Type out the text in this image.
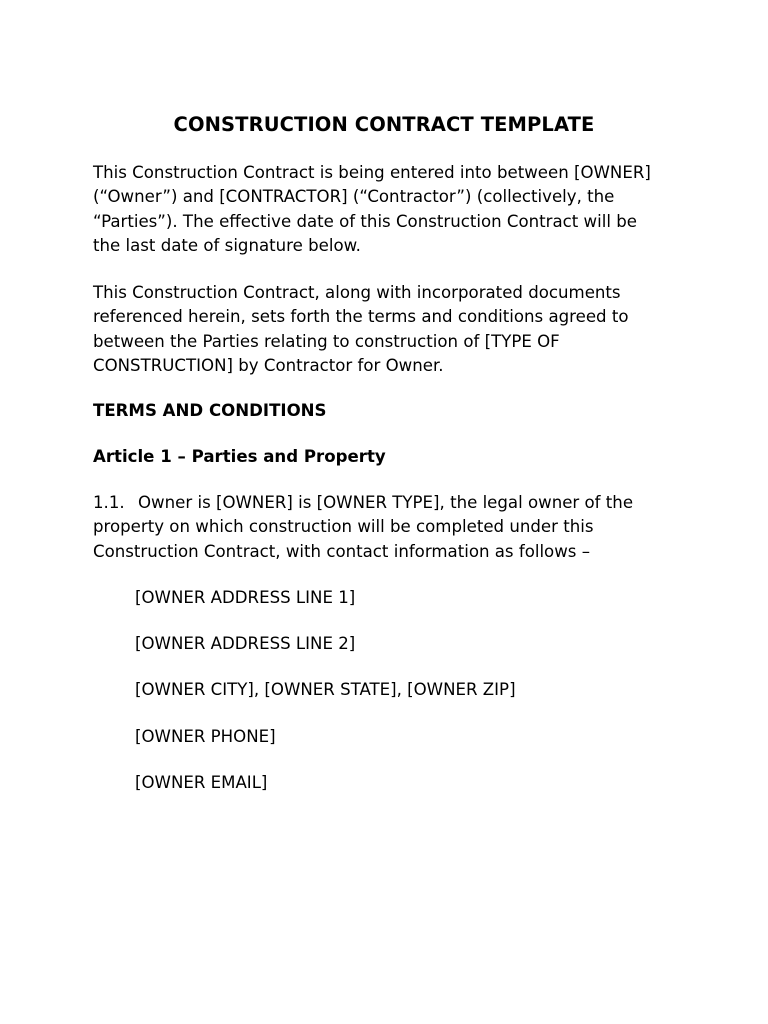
CONSTRUCTION CONTRACT TEMPLATE

This Construction Contract is being entered into between [OWNER]
(“Owner”) and [CONTRACTOR] (“Contractor”) (collectively, the
“Parties”). The effective date of this Construction Contract will be
the last date of signature below.

This Construction Contract, along with incorporated documents
referenced herein, sets forth the terms and conditions agreed to
between the Parties relating to construction of [TYPE OF
CONSTRUCTION] by Contractor for Owner.

TERMS AND CONDITIONS
Article 1 – Parties and Property

1.1. Owner is [OWNER] is [OWNER TYPE], the legal owner of the
property on which construction will be completed under this
Construction Contract, with contact information as follows –

[OWNER ADDRESS LINE 1]

[OWNER ADDRESS LINE 2]

[OWNER CITY], [OWNER STATE], [OWNER ZIP]

[OWNER PHONE]

[OWNER EMAIL]
